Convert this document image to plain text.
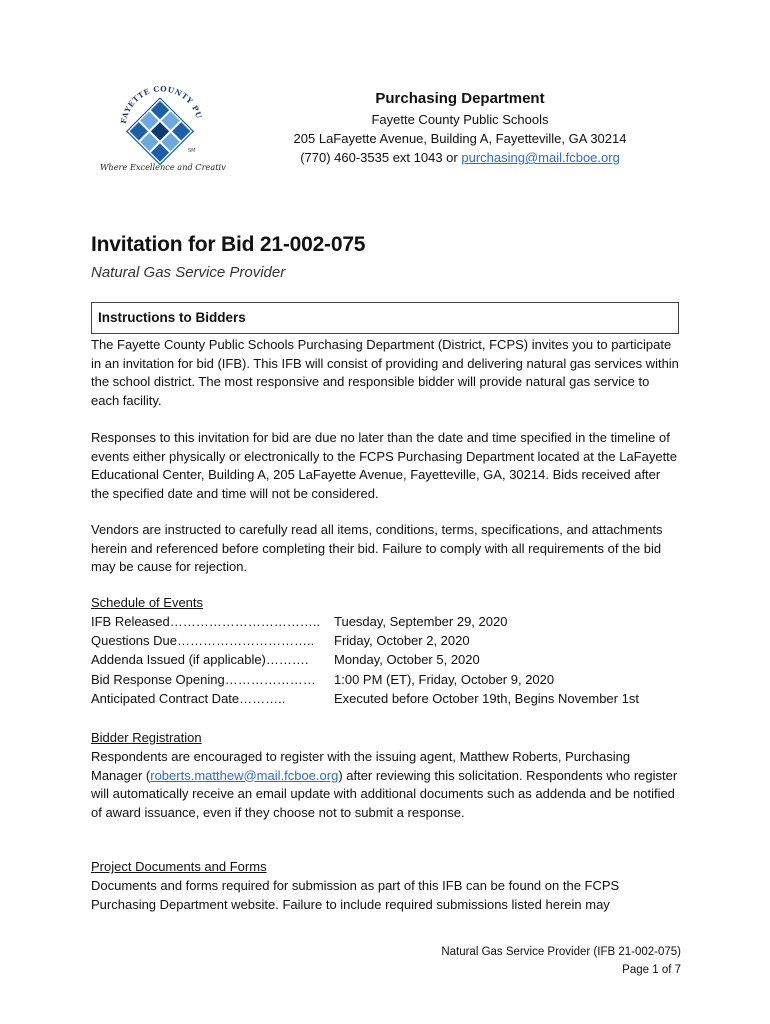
FAYETTE COUNTY PU
SM
Where Excellence and Creativ
Purchasing Department
Fayette County Public Schools
205 LaFayette Avenue, Building A, Fayetteville, GA 30214
(770) 460-3535 ext 1043 or purchasing@mail.fcboe.org
Invitation for Bid 21-002-075
Natural Gas Service Provider
Instructions to Bidders
The Fayette County Public Schools Purchasing Department (District, FCPS) invites you to participate in an invitation for bid (IFB). This IFB will consist of providing and delivering natural gas services within the school district. The most responsive and responsible bidder will provide natural gas service to each facility.
Responses to this invitation for bid are due no later than the date and time specified in the timeline of events either physically or electronically to the FCPS Purchasing Department located at the LaFayette Educational Center, Building A, 205 LaFayette Avenue, Fayetteville, GA, 30214. Bids received after the specified date and time will not be considered.
Vendors are instructed to carefully read all items, conditions, terms, specifications, and attachments herein and referenced before completing their bid. Failure to comply with all requirements of the bid may be cause for rejection.
Schedule of Events
IFB Released…………………………….. Tuesday, September 29, 2020
Questions Due………………………….. Friday, October 2, 2020
Addenda Issued (if applicable)………. Monday, October 5, 2020
Bid Response Opening………………… 1:00 PM (ET), Friday, October 9, 2020
Anticipated Contract Date………..	Executed before October 19th, Begins November 1st
Bidder Registration
Respondents are encouraged to register with the issuing agent, Matthew Roberts, Purchasing Manager (roberts.matthew@mail.fcboe.org) after reviewing this solicitation. Respondents who register will automatically receive an email update with additional documents such as addenda and be notified of award issuance, even if they choose not to submit a response.
Project Documents and Forms
Documents and forms required for submission as part of this IFB can be found on the FCPS Purchasing Department website. Failure to include required submissions listed herein may
Natural Gas Service Provider (IFB 21-002-075)
Page 1 of 7
